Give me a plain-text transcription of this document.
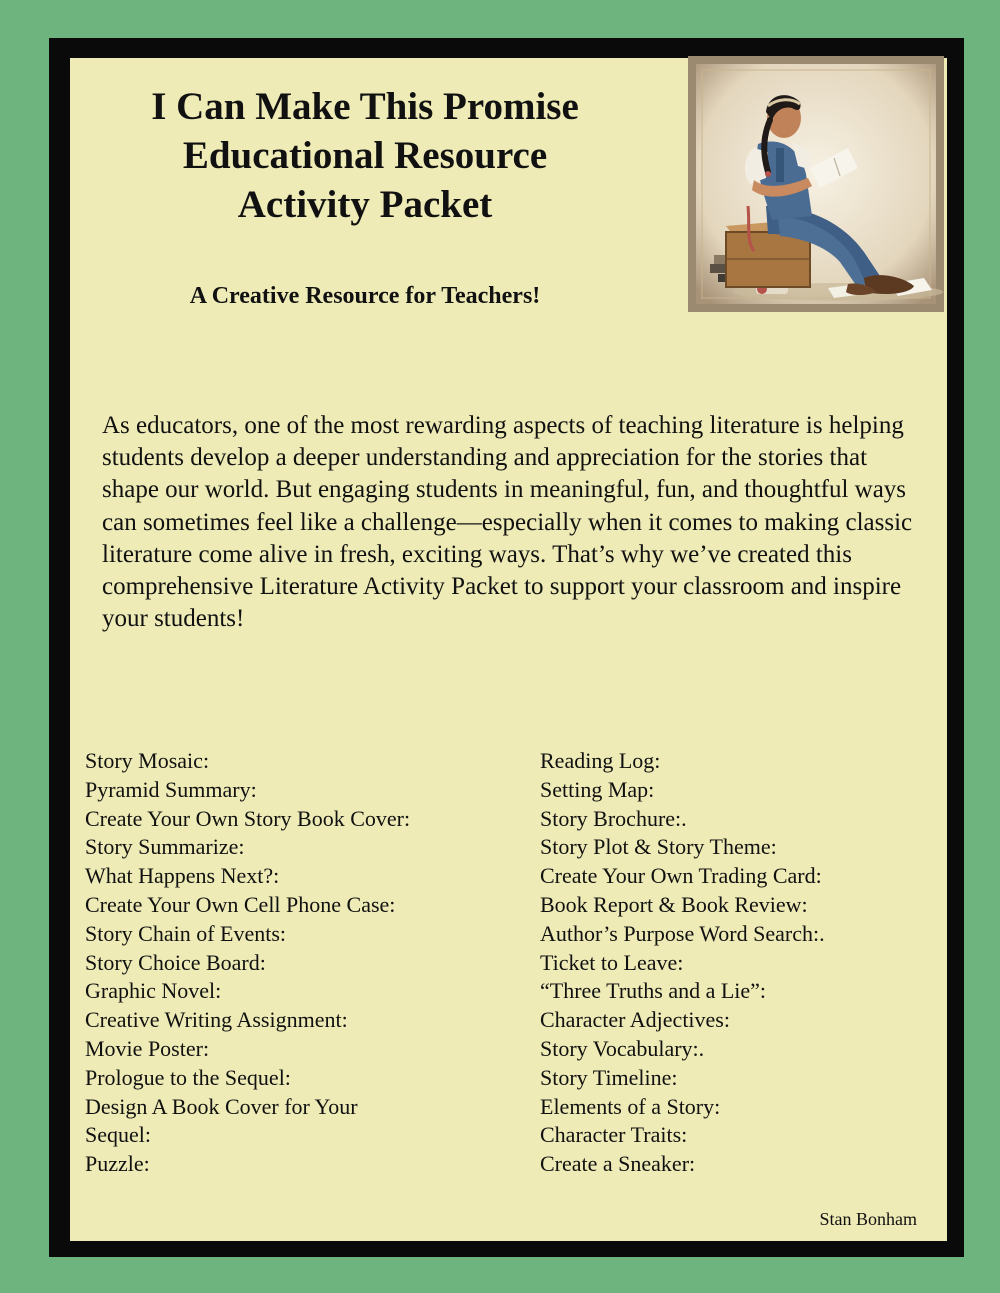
I Can Make This Promise
Educational Resource
Activity Packet
A Creative Resource for Teachers!

As educators, one of the most rewarding aspects of teaching literature is helping students develop a deeper understanding and appreciation for the stories that shape our world. But engaging students in meaningful, fun, and thoughtful ways can sometimes feel like a challenge—especially when it comes to making classic literature come alive in fresh, exciting ways. That’s why we’ve created this comprehensive Literature Activity Packet to support your classroom and inspire your students!

Story Mosaic:
Pyramid Summary:
Create Your Own Story Book Cover:
Story Summarize:
What Happens Next?:
Create Your Own Cell Phone Case:
Story Chain of Events:
Story Choice Board:
Graphic Novel:
Creative Writing Assignment:
Movie Poster:
Prologue to the Sequel:
Design A Book Cover for Your
Sequel:
Puzzle:
Reading Log:
Setting Map:
Story Brochure:.
Story Plot & Story Theme:
Create Your Own Trading Card:
Book Report & Book Review:
Author’s Purpose Word Search:.
Ticket to Leave:
“Three Truths and a Lie”:
Character Adjectives:
Story Vocabulary:.
Story Timeline:
Elements of a Story:
Character Traits:
Create a Sneaker:
Stan Bonham
